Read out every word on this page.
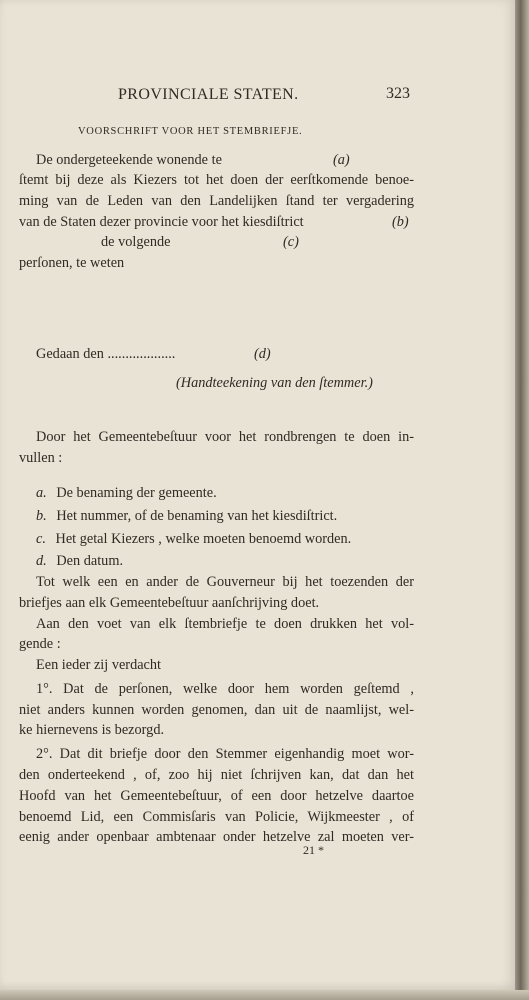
PROVINCIALE STATEN.	323
VOORSCHRIFT VOOR HET STEMBRIEFJE.
De ondergeteekende wonende te	(a)
ſtemt bij deze als Kiezers tot het doen der eerſtkomende benoe-
ming van de Leden van den Landelijken ſtand ter vergadering
van de Staten dezer provincie voor het kiesdiſtrict	(b)
de volgende	(c)
perſonen, te weten
Gedaan den ...................	(d)
(Handteekening van den ſtemmer.)
Door het Gemeentebeſtuur voor het rondbrengen te doen in-
vullen :
a. De benaming der gemeente.
b. Het nummer, of de benaming van het kiesdiſtrict.
c. Het getal Kiezers , welke moeten benoemd worden.
d. Den datum.
Tot welk een en ander de Gouverneur bij het toezenden der
briefjes aan elk Gemeentebeſtuur aanſchrijving doet.
Aan den voet van elk ſtembriefje te doen drukken het vol-
gende :
Een ieder zij verdacht
1°. Dat de perſonen, welke door hem worden geſtemd ,
niet anders kunnen worden genomen, dan uit de naamlijst, wel-
ke hiernevens is bezorgd.
2°. Dat dit briefje door den Stemmer eigenhandig moet wor-
den onderteekend , of, zoo hij niet ſchrijven kan, dat dan het
Hoofd van het Gemeentebeſtuur, of een door hetzelve daartoe
benoemd Lid, een Commisſaris van Policie, Wijkmeester , of
eenig ander openbaar ambtenaar onder hetzelve zal moeten ver-
21 *
